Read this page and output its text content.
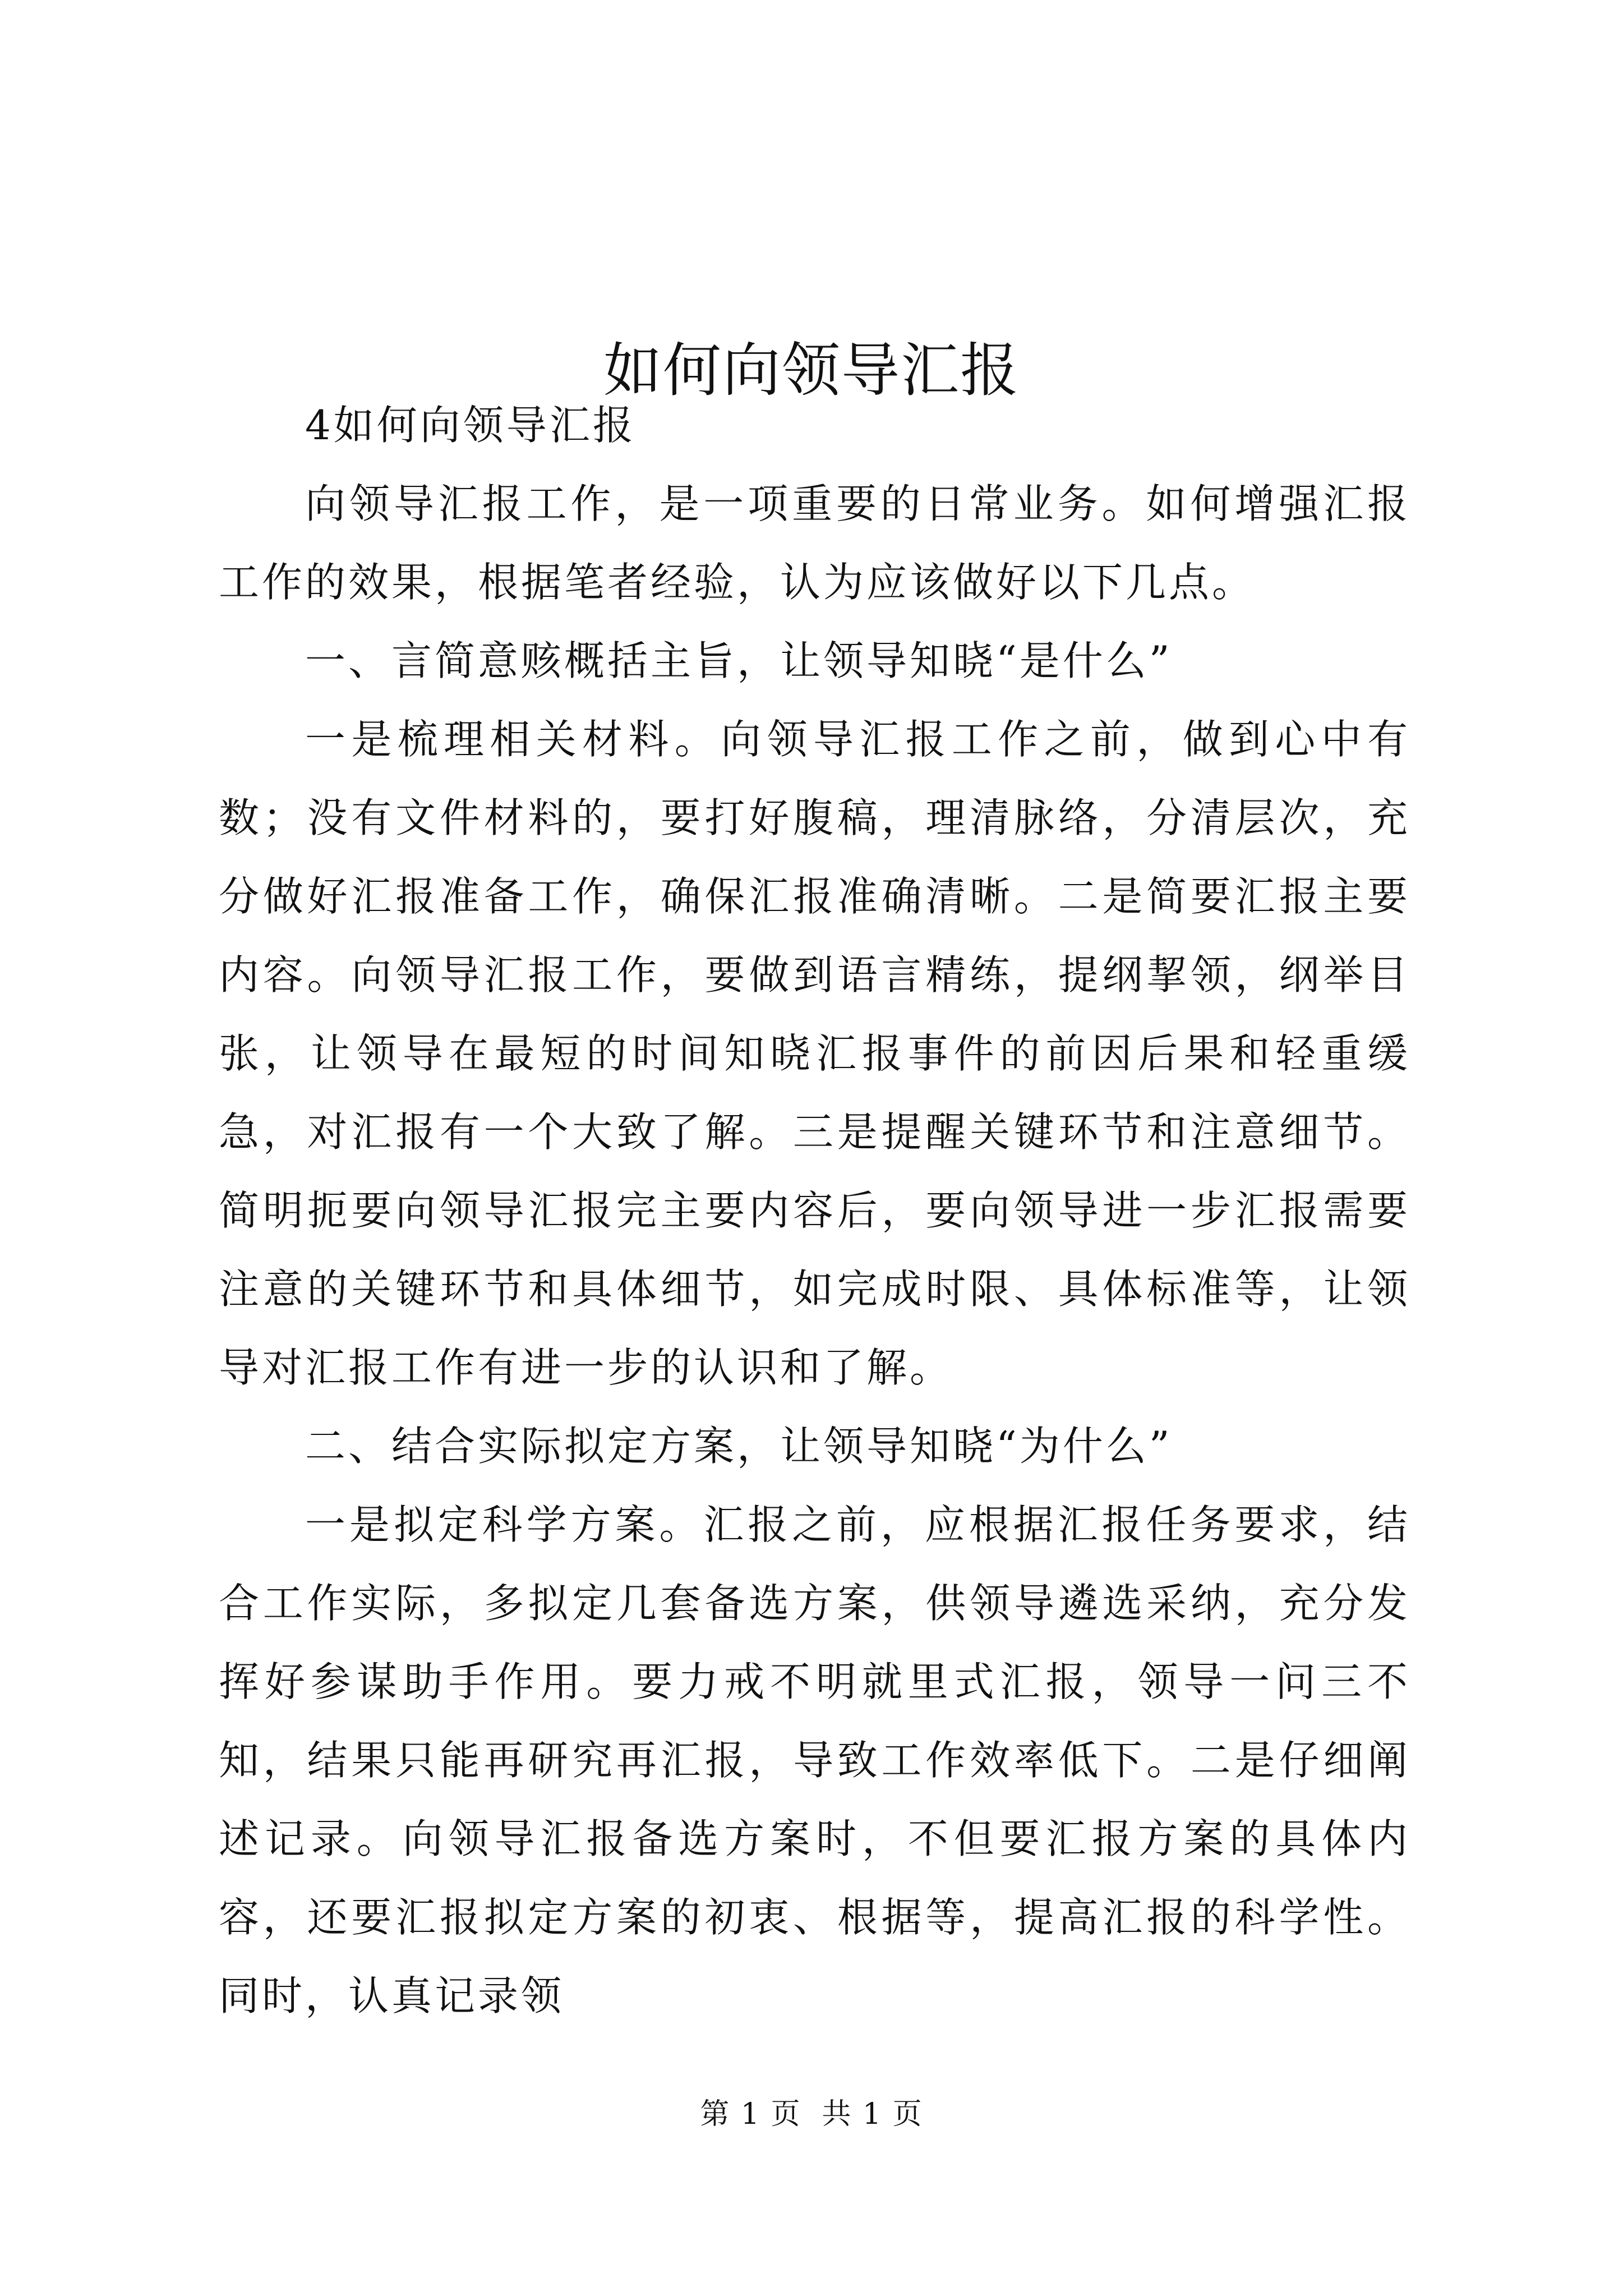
如何向领导汇报

4如何向领导汇报

向领导汇报工作，是一项重要的日常业务。如何增强汇报工作的效果，根据笔者经验，认为应该做好以下几点。

一、言简意赅概括主旨，让领导知晓“是什么”

一是梳理相关材料。向领导汇报工作之前，做到心中有数；没有文件材料的，要打好腹稿，理清脉络，分清层次，充分做好汇报准备工作，确保汇报准确清晰。二是简要汇报主要内容。向领导汇报工作，要做到语言精练，提纲挈领，纲举目张，让领导在最短的时间知晓汇报事件的前因后果和轻重缓急，对汇报有一个大致了解。三是提醒关键环节和注意细节。简明扼要向领导汇报完主要内容后，要向领导进一步汇报需要注意的关键环节和具体细节，如完成时限、具体标准等，让领导对汇报工作有进一步的认识和了解。

二、结合实际拟定方案，让领导知晓“为什么”

一是拟定科学方案。汇报之前，应根据汇报任务要求，结合工作实际，多拟定几套备选方案，供领导遴选采纳，充分发挥好参谋助手作用。要力戒不明就里式汇报，领导一问三不知，结果只能再研究再汇报，导致工作效率低下。二是仔细阐述记录。向领导汇报备选方案时，不但要汇报方案的具体内容，还要汇报拟定方案的初衷、根据等，提高汇报的科学性。同时，认真记录领

第 1 页  共 1 页
